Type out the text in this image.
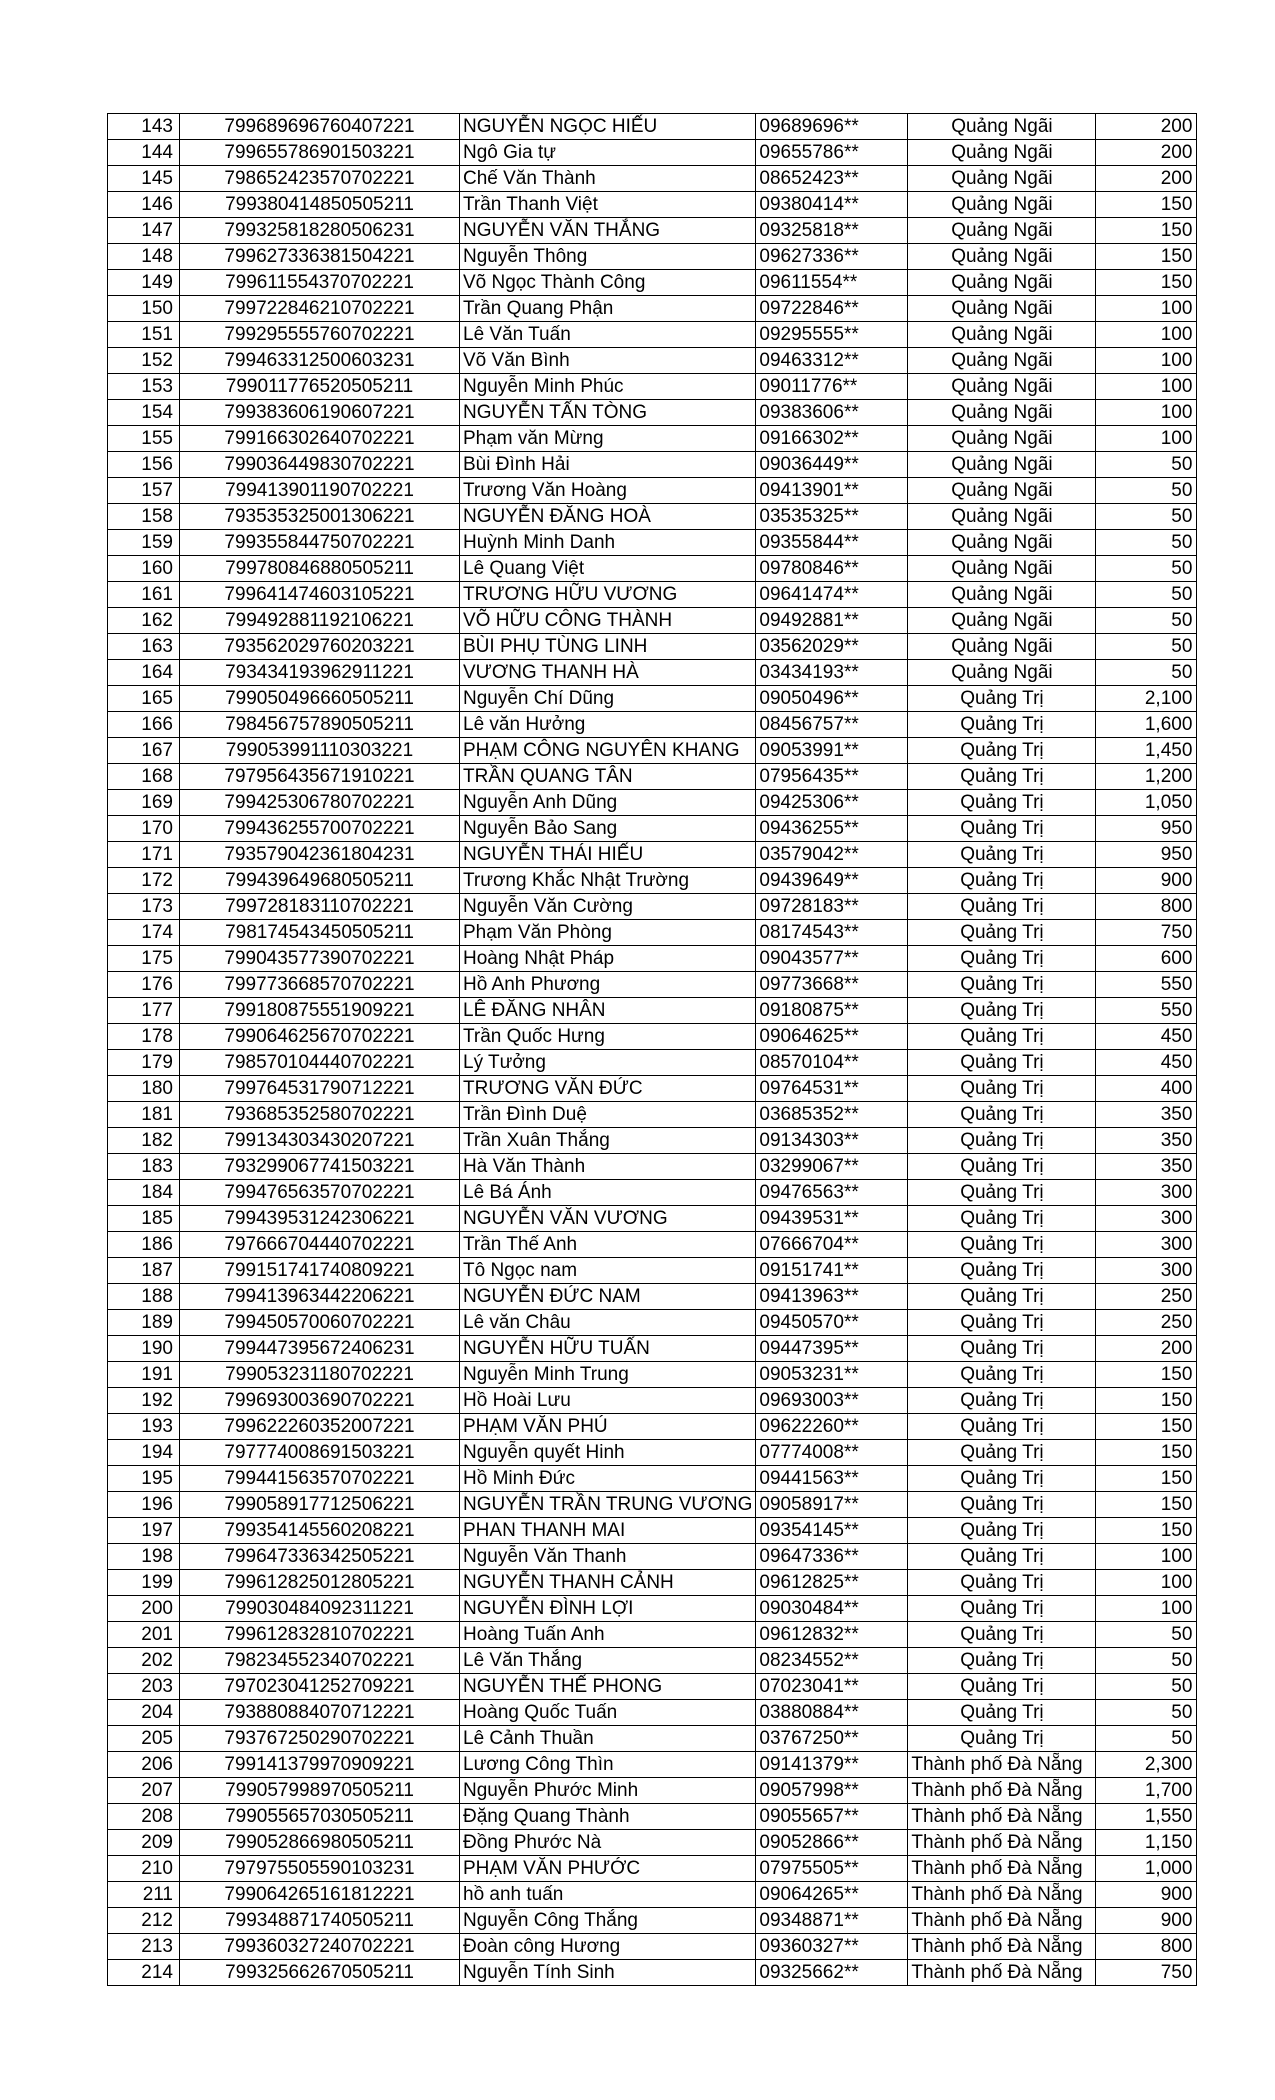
143	799689696760407221	NGUYỄN NGỌC HIẾU	09689696**	Quảng Ngãi	200
144	799655786901503221	Ngô Gia tự	09655786**	Quảng Ngãi	200
145	798652423570702221	Chế Văn Thành	08652423**	Quảng Ngãi	200
146	799380414850505211	Trần Thanh Việt	09380414**	Quảng Ngãi	150
147	799325818280506231	NGUYỄN VĂN THẮNG	09325818**	Quảng Ngãi	150
148	799627336381504221	Nguyễn Thông	09627336**	Quảng Ngãi	150
149	799611554370702221	Võ Ngọc Thành Công	09611554**	Quảng Ngãi	150
150	799722846210702221	Trần Quang Phận	09722846**	Quảng Ngãi	100
151	799295555760702221	Lê Văn Tuấn	09295555**	Quảng Ngãi	100
152	799463312500603231	Võ Văn Bình	09463312**	Quảng Ngãi	100
153	799011776520505211	Nguyễn Minh Phúc	09011776**	Quảng Ngãi	100
154	799383606190607221	NGUYỄN TẤN TÒNG	09383606**	Quảng Ngãi	100
155	799166302640702221	Phạm văn Mừng	09166302**	Quảng Ngãi	100
156	799036449830702221	Bùi Đình Hải	09036449**	Quảng Ngãi	50
157	799413901190702221	Trương Văn Hoàng	09413901**	Quảng Ngãi	50
158	793535325001306221	NGUYỄN ĐĂNG HOÀ	03535325**	Quảng Ngãi	50
159	799355844750702221	Huỳnh Minh Danh	09355844**	Quảng Ngãi	50
160	799780846880505211	Lê Quang Việt	09780846**	Quảng Ngãi	50
161	799641474603105221	TRƯƠNG HỮU VƯƠNG	09641474**	Quảng Ngãi	50
162	799492881192106221	VÕ HỮU CÔNG THÀNH	09492881**	Quảng Ngãi	50
163	793562029760203221	BÙI PHỤ TÙNG LINH	03562029**	Quảng Ngãi	50
164	793434193962911221	VƯƠNG THANH HÀ	03434193**	Quảng Ngãi	50
165	799050496660505211	Nguyễn Chí Dũng	09050496**	Quảng Trị	2,100
166	798456757890505211	Lê văn Hưởng	08456757**	Quảng Trị	1,600
167	799053991110303221	PHẠM CÔNG NGUYÊN KHANG	09053991**	Quảng Trị	1,450
168	797956435671910221	TRẦN QUANG TÂN	07956435**	Quảng Trị	1,200
169	799425306780702221	Nguyễn Anh Dũng	09425306**	Quảng Trị	1,050
170	799436255700702221	Nguyễn Bảo Sang	09436255**	Quảng Trị	950
171	793579042361804231	NGUYỄN THÁI HIẾU	03579042**	Quảng Trị	950
172	799439649680505211	Trương Khắc Nhật Trường	09439649**	Quảng Trị	900
173	799728183110702221	Nguyễn Văn Cường	09728183**	Quảng Trị	800
174	798174543450505211	Phạm Văn Phòng	08174543**	Quảng Trị	750
175	799043577390702221	Hoàng Nhật Pháp	09043577**	Quảng Trị	600
176	799773668570702221	Hồ Anh Phương	09773668**	Quảng Trị	550
177	799180875551909221	LÊ ĐĂNG NHÂN	09180875**	Quảng Trị	550
178	799064625670702221	Trần Quốc Hưng	09064625**	Quảng Trị	450
179	798570104440702221	Lý Tưởng	08570104**	Quảng Trị	450
180	799764531790712221	TRƯƠNG VĂN ĐỨC	09764531**	Quảng Trị	400
181	793685352580702221	Trần Đình Duệ	03685352**	Quảng Trị	350
182	799134303430207221	Trần Xuân Thắng	09134303**	Quảng Trị	350
183	793299067741503221	Hà Văn Thành	03299067**	Quảng Trị	350
184	799476563570702221	Lê Bá Ánh	09476563**	Quảng Trị	300
185	799439531242306221	NGUYỄN VĂN VƯƠNG	09439531**	Quảng Trị	300
186	797666704440702221	Trần Thế Anh	07666704**	Quảng Trị	300
187	799151741740809221	Tô Ngọc nam	09151741**	Quảng Trị	300
188	799413963442206221	NGUYỄN ĐỨC NAM	09413963**	Quảng Trị	250
189	799450570060702221	Lê văn Châu	09450570**	Quảng Trị	250
190	799447395672406231	NGUYỄN HỮU TUẤN	09447395**	Quảng Trị	200
191	799053231180702221	Nguyễn Minh Trung	09053231**	Quảng Trị	150
192	799693003690702221	Hồ Hoài Lưu	09693003**	Quảng Trị	150
193	799622260352007221	PHẠM VĂN PHÚ	09622260**	Quảng Trị	150
194	797774008691503221	Nguyễn quyết Hinh	07774008**	Quảng Trị	150
195	799441563570702221	Hồ Minh Đức	09441563**	Quảng Trị	150
196	799058917712506221	NGUYỄN TRẦN TRUNG VƯƠNG	09058917**	Quảng Trị	150
197	799354145560208221	PHAN THANH MAI	09354145**	Quảng Trị	150
198	799647336342505221	Nguyễn Văn Thanh	09647336**	Quảng Trị	100
199	799612825012805221	NGUYỄN THANH CẢNH	09612825**	Quảng Trị	100
200	799030484092311221	NGUYỄN ĐÌNH LỢI	09030484**	Quảng Trị	100
201	799612832810702221	Hoàng Tuấn Anh	09612832**	Quảng Trị	50
202	798234552340702221	Lê Văn Thắng	08234552**	Quảng Trị	50
203	797023041252709221	NGUYỄN THẾ PHONG	07023041**	Quảng Trị	50
204	793880884070712221	Hoàng Quốc Tuấn	03880884**	Quảng Trị	50
205	793767250290702221	Lê Cảnh Thuần	03767250**	Quảng Trị	50
206	799141379970909221	Lương Công Thìn	09141379**	Thành phố Đà Nẵng	2,300
207	799057998970505211	Nguyễn Phước Minh	09057998**	Thành phố Đà Nẵng	1,700
208	799055657030505211	Đặng Quang Thành	09055657**	Thành phố Đà Nẵng	1,550
209	799052866980505211	Đồng Phước Nà	09052866**	Thành phố Đà Nẵng	1,150
210	797975505590103231	PHẠM VĂN PHƯỚC	07975505**	Thành phố Đà Nẵng	1,000
211	799064265161812221	hồ anh tuấn	09064265**	Thành phố Đà Nẵng	900
212	799348871740505211	Nguyễn Công Thắng	09348871**	Thành phố Đà Nẵng	900
213	799360327240702221	Đoàn công Hương	09360327**	Thành phố Đà Nẵng	800
214	799325662670505211	Nguyễn Tính Sinh	09325662**	Thành phố Đà Nẵng	750
